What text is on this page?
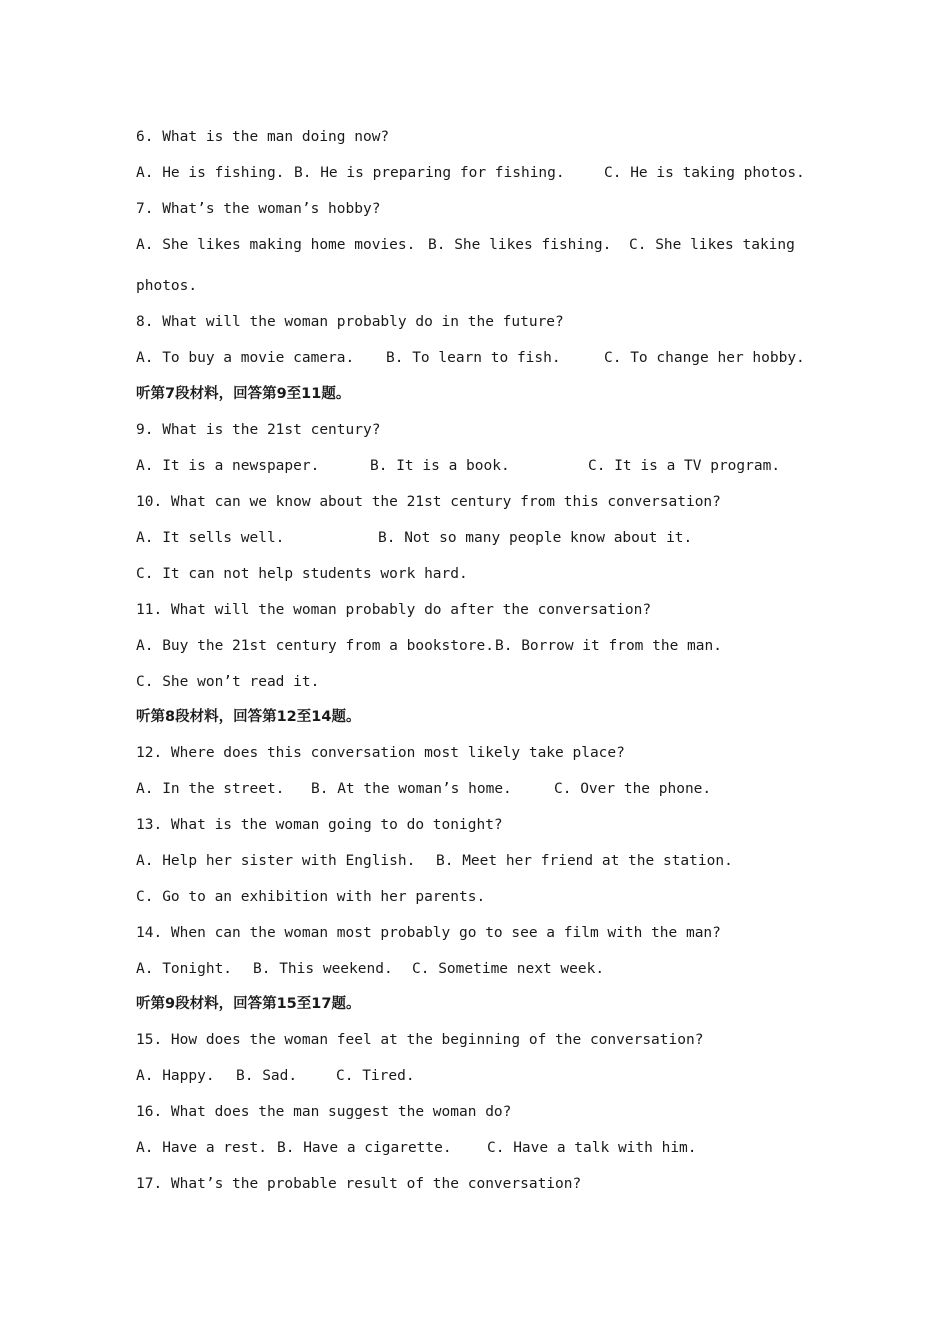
6. What is the man doing now?

A. He is fishing.

B. He is preparing for fishing.

	C. He is taking photos.

7. What’s the woman’s hobby?

A. She likes making home movies.

B. She likes fishing.

C. She likes taking

photos.
8. What will the woman probably do in the future?

A. To buy a movie camera.

B. To learn to fish.

	C. To change her hobby.

听第7段材料，回答第9至11题。
9. What is the 21st century?

A. It is a newspaper.

	B. It is a book.

	C. It is a TV program.

10. What can we know about the 21st century from this conversation?

A. It sells well.

	B. Not so many people know about it.

C. It can not help students work hard.
11. What will the woman probably do after the conversation?

A. Buy the 21st century from a bookstore.

B. Borrow it from the man.

C. She won’t read it.
听第8段材料，回答第12至14题。
12. Where does this conversation most likely take place?

A. In the street.

B. At the woman’s home.

	C. Over the phone.

13. What is the woman going to do tonight?

A. Help her sister with English.

B. Meet her friend at the station.

C. Go to an exhibition with her parents.
14. When can the woman most probably go to see a film with the man?

A. Tonight.

B. This weekend.

C. Sometime next week.

听第9段材料，回答第15至17题。
15. How does the woman feel at the beginning of the conversation?

A. Happy.

B. Sad.

	C. Tired.

16. What does the man suggest the woman do?

A. Have a rest.

B. Have a cigarette.

C. Have a talk with him.

17. What’s the probable result of the conversation?
